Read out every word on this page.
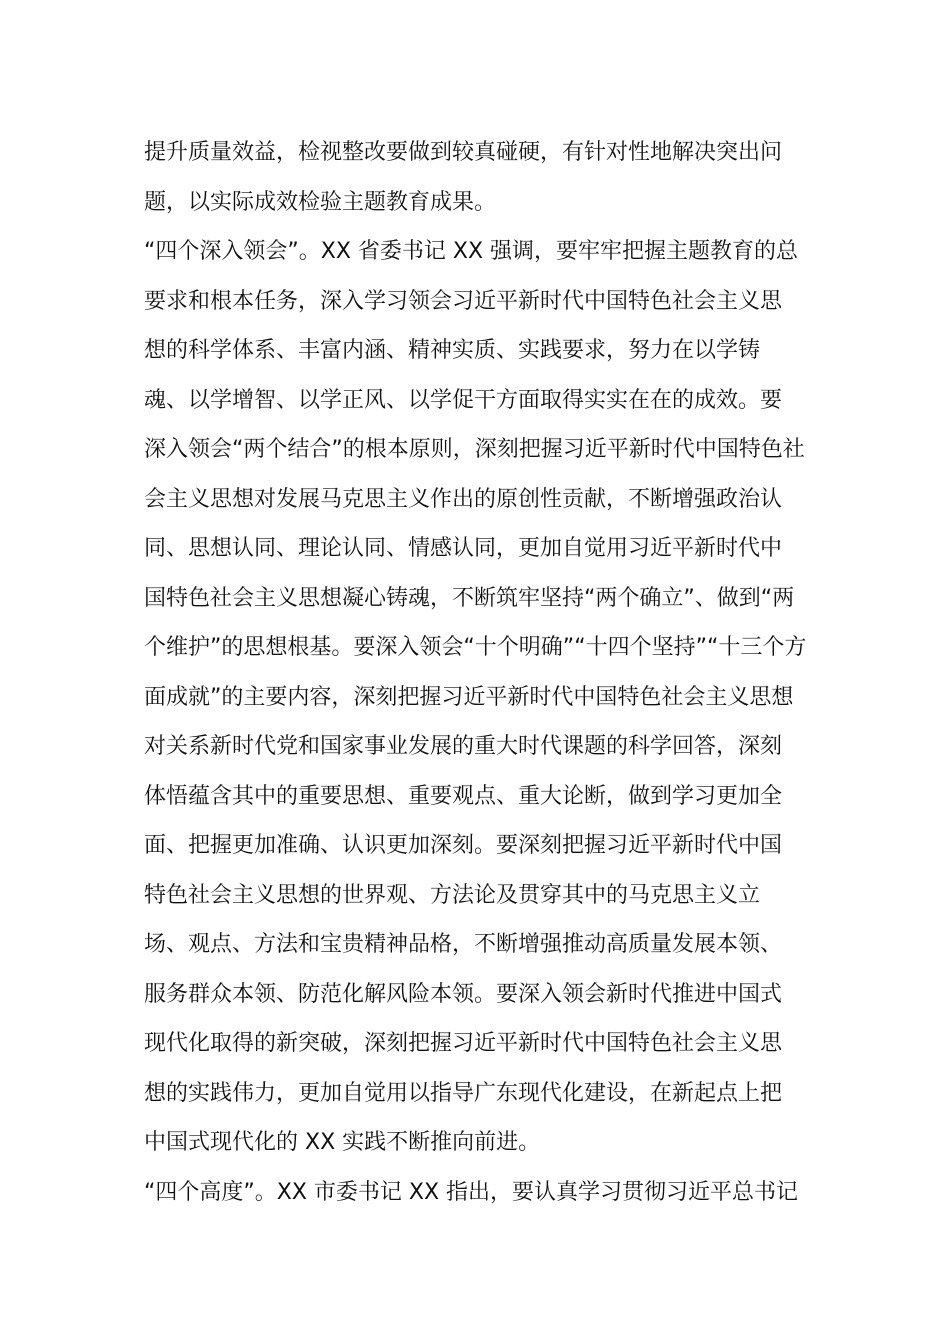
提升质量效益，检视整改要做到较真碰硬，有针对性地解决突出问
题，以实际成效检验主题教育成果。
“四个深入领会”。XX 省委书记 XX 强调，要牢牢把握主题教育的总
要求和根本任务，深入学习领会习近平新时代中国特色社会主义思
想的科学体系、丰富内涵、精神实质、实践要求，努力在以学铸
魂、以学增智、以学正风、以学促干方面取得实实在在的成效。要
深入领会“两个结合”的根本原则，深刻把握习近平新时代中国特色社
会主义思想对发展马克思主义作出的原创性贡献，不断增强政治认
同、思想认同、理论认同、情感认同，更加自觉用习近平新时代中
国特色社会主义思想凝心铸魂，不断筑牢坚持“两个确立”、做到“两
个维护”的思想根基。要深入领会“十个明确”“十四个坚持”“十三个方
面成就”的主要内容，深刻把握习近平新时代中国特色社会主义思想
对关系新时代党和国家事业发展的重大时代课题的科学回答，深刻
体悟蕴含其中的重要思想、重要观点、重大论断，做到学习更加全
面、把握更加准确、认识更加深刻。要深刻把握习近平新时代中国
特色社会主义思想的世界观、方法论及贯穿其中的马克思主义立
场、观点、方法和宝贵精神品格，不断增强推动高质量发展本领、
服务群众本领、防范化解风险本领。要深入领会新时代推进中国式
现代化取得的新突破，深刻把握习近平新时代中国特色社会主义思
想的实践伟力，更加自觉用以指导广东现代化建设，在新起点上把
中国式现代化的 XX 实践不断推向前进。
“四个高度”。XX 市委书记 XX 指出，要认真学习贯彻习近平总书记
